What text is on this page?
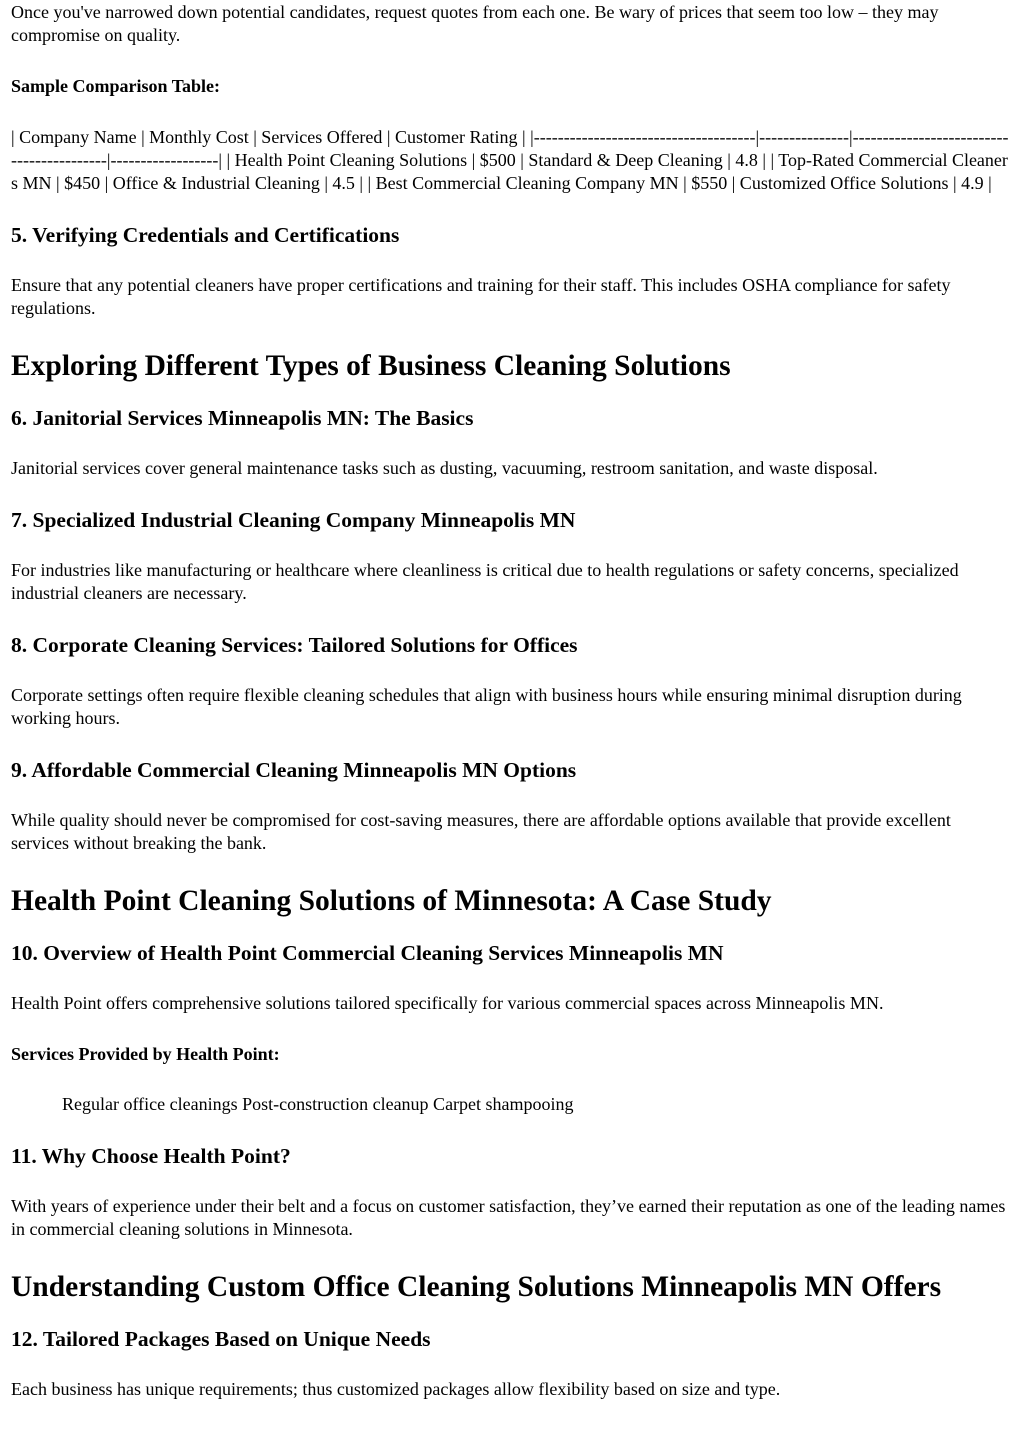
Once you've narrowed down potential candidates, request quotes from each one. Be wary of prices that seem too low – they may compromise on quality.

Sample Comparison Table:

| Company Name | Monthly Cost | Services Offered | Customer Rating | |-------------------------------------|---------------|------------------------------------------|------------------| | Health Point Cleaning Solutions | $500 | Standard & Deep Cleaning | 4.8 | | Top-Rated Commercial Cleaners MN | $450 | Office & Industrial Cleaning | 4.5 | | Best Commercial Cleaning Company MN | $550 | Customized Office Solutions | 4.9 |

5. Verifying Credentials and Certifications

Ensure that any potential cleaners have proper certifications and training for their staff. This includes OSHA compliance for safety regulations.

Exploring Different Types of Business Cleaning Solutions
6. Janitorial Services Minneapolis MN: The Basics

Janitorial services cover general maintenance tasks such as dusting, vacuuming, restroom sanitation, and waste disposal.

7. Specialized Industrial Cleaning Company Minneapolis MN

For industries like manufacturing or healthcare where cleanliness is critical due to health regulations or safety concerns, specialized industrial cleaners are necessary.

8. Corporate Cleaning Services: Tailored Solutions for Offices

Corporate settings often require flexible cleaning schedules that align with business hours while ensuring minimal disruption during working hours.

9. Affordable Commercial Cleaning Minneapolis MN Options

While quality should never be compromised for cost-saving measures, there are affordable options available that provide excellent services without breaking the bank.

Health Point Cleaning Solutions of Minnesota: A Case Study
10. Overview of Health Point Commercial Cleaning Services Minneapolis MN

Health Point offers comprehensive solutions tailored specifically for various commercial spaces across Minneapolis MN.

Services Provided by Health Point:

Regular office cleanings Post-construction cleanup Carpet shampooing

11. Why Choose Health Point?

With years of experience under their belt and a focus on customer satisfaction, they’ve earned their reputation as one of the leading names in commercial cleaning solutions in Minnesota.

Understanding Custom Office Cleaning Solutions Minneapolis MN Offers
12. Tailored Packages Based on Unique Needs

Each business has unique requirements; thus customized packages allow flexibility based on size and type.
